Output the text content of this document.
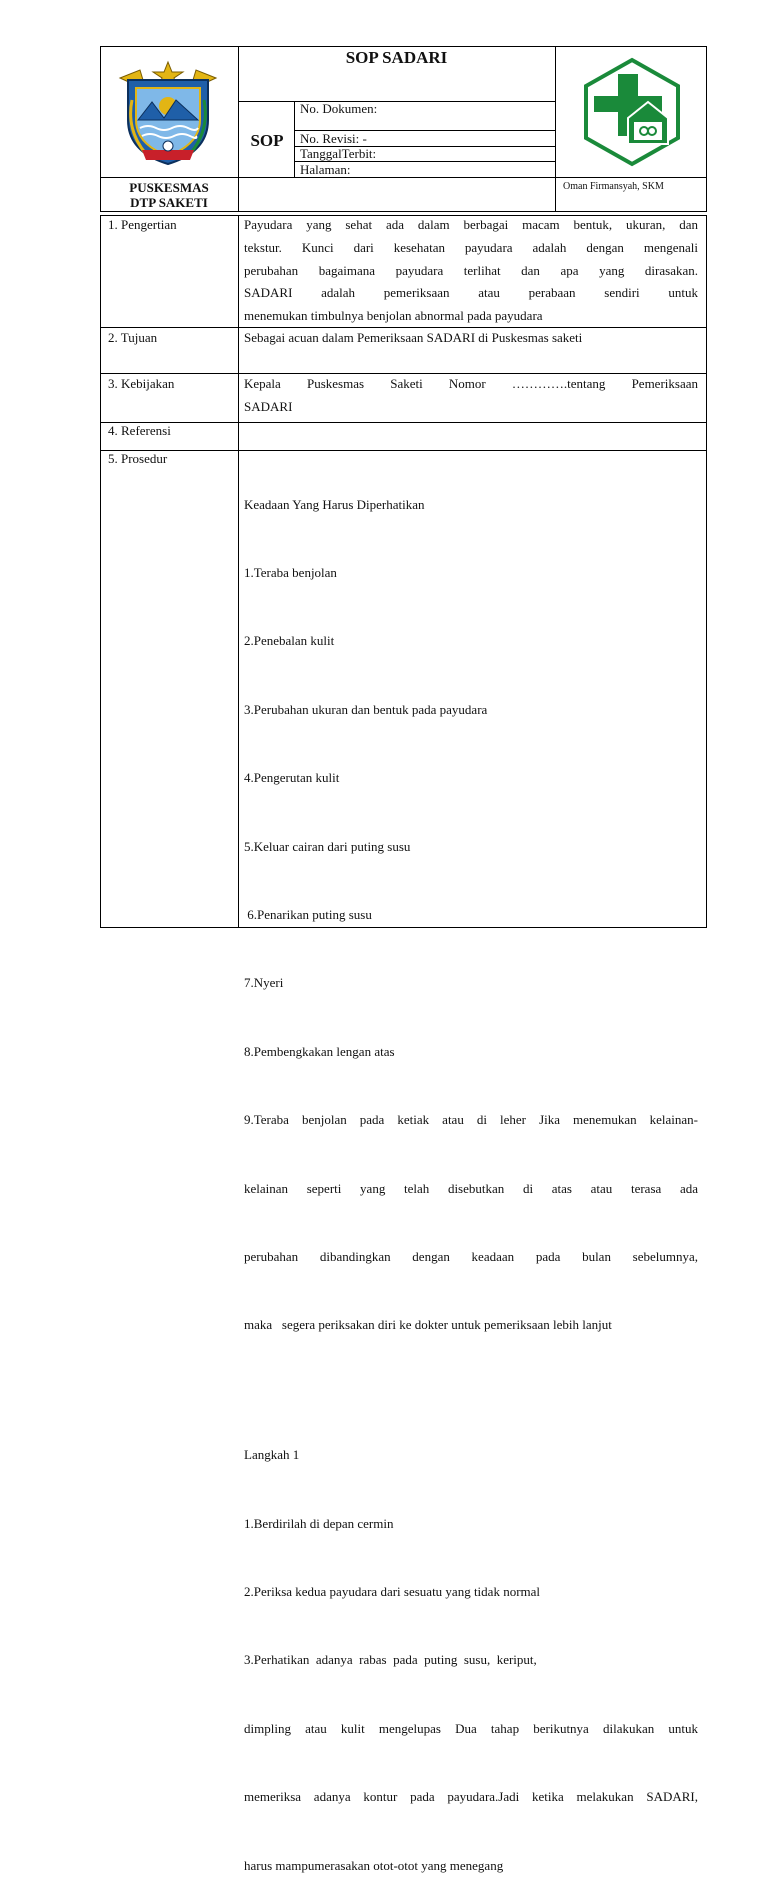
SOP SADARI
SOP
No. Dokumen:
No. Revisi: -
TanggalTerbit:
Halaman:
PUSKESMAS
DTP SAKETI
Oman Firmansyah, SKM
1. Pengertian	Payudara yang sehat ada dalam berbagai macam bentuk, ukuran, dan
tekstur. Kunci dari kesehatan payudara adalah dengan mengenali
perubahan bagaimana payudara terlihat dan apa yang dirasakan.
SADARI adalah pemeriksaan atau perabaan sendiri untuk
menemukan timbulnya benjolan abnormal pada payudara
2. Tujuan	Sebagai acuan dalam Pemeriksaan SADARI di Puskesmas saketi
3. Kebijakan	Kepala Puskesmas Saketi Nomor ………….tentang Pemeriksaan
SADARI
4. Referensi
5. Prosedur

Keadaan Yang Harus Diperhatikan

1.Teraba benjolan

2.Penebalan kulit

3.Perubahan ukuran dan bentuk pada payudara

4.Pengerutan kulit

5.Keluar cairan dari puting susu

6.Penarikan puting susu

7.Nyeri

8.Pembengkakan lengan atas

9.Teraba benjolan pada ketiak atau di leher Jika menemukan kelainan-

kelainan seperti yang telah disebutkan di atas atau terasa ada

perubahan dibandingkan dengan keadaan pada bulan sebelumnya,

maka   segera periksakan diri ke dokter untuk pemeriksaan lebih lanjut

Langkah 1

1.Berdirilah di depan cermin

2.Periksa kedua payudara dari sesuatu yang tidak normal

3.Perhatikan  adanya  rabas  pada  puting  susu,  keriput,

dimpling atau kulit mengelupas Dua tahap berikutnya dilakukan untuk

memeriksa adanya kontur pada payudara.Jadi ketika melakukan SADARI,

harus mampumerasakan otot-otot yang menegang
